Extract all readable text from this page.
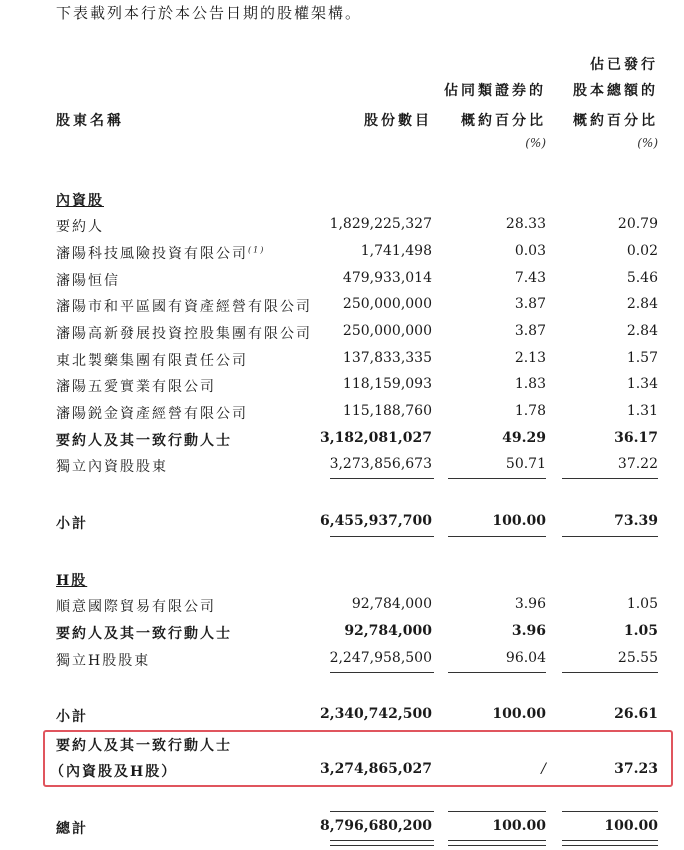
下表載列本行於本公告日期的股權架構。
股東名稱	股份數目
佔同類證券的
概約百分比
(%)
佔已發行
股本總額的
概約百分比
(%)
內資股
要約人	1,829,225,327	28.33	20.79
瀋陽科技風險投資有限公司$^{(1)}$	1,741,498	0.03	0.02
瀋陽恒信	479,933,014	7.43	5.46
瀋陽市和平區國有資產經營有限公司 250,000,000	3.87	2.84
瀋陽高新發展投資控股集團有限公司 250,000,000	3.87	2.84
東北製藥集團有限責任公司	137,833,335	2.13	1.57
瀋陽五愛實業有限公司	118,159,093	1.83	1.34
瀋陽鋭金資產經營有限公司	115,188,760	1.78	1.31
要約人及其一致行動人士	3,182,081,027	49.29	36.17
獨立內資股股東	3,273,856,673	50.71	37.22
小計	6,455,937,700	100.00	73.39
H股
順意國際貿易有限公司	92,784,000	3.96	1.05
要約人及其一致行動人士	92,784,000	3.96	1.05
獨立H股股東	2,247,958,500	96.04	25.55
小計	2,340,742,500	100.00	26.61
要約人及其一致行動人士
（內資股及H股）	3,274,865,027	/	37.23
總計	8,796,680,200	100.00	100.00
